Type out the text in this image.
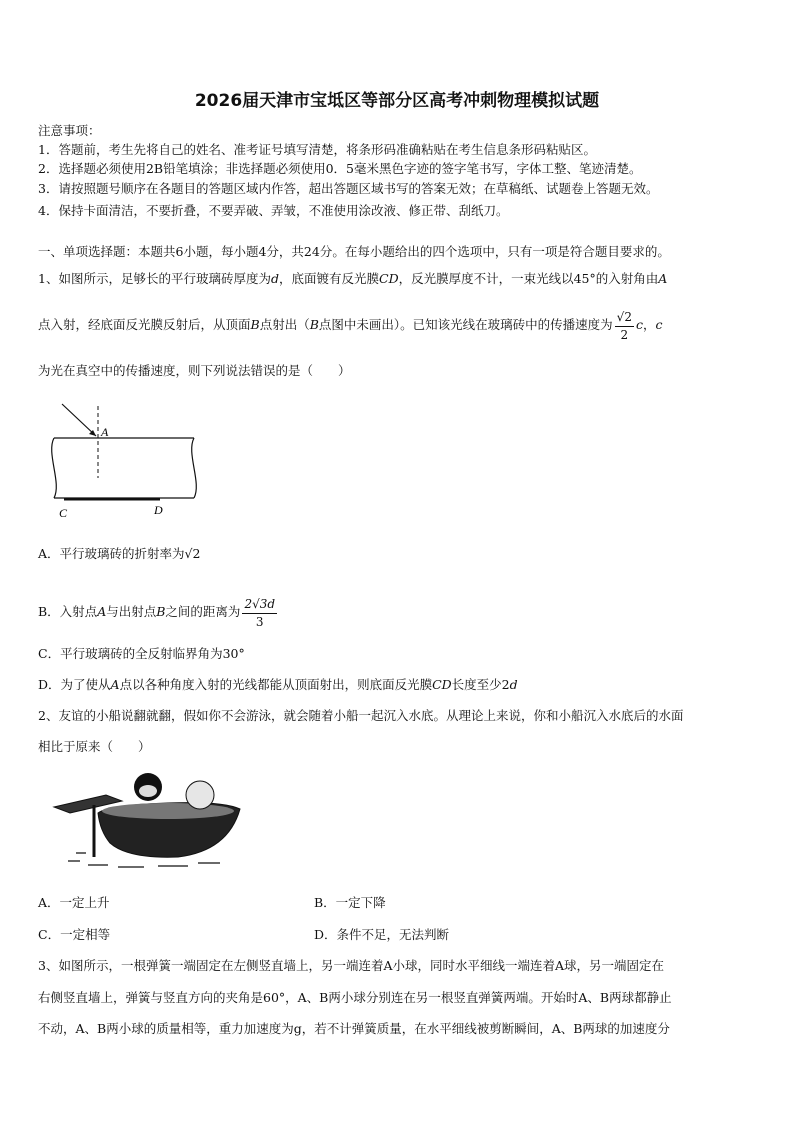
2026届天津市宝坻区等部分区高考冲刺物理模拟试题
注意事项：
1．答题前，考生先将自己的姓名、准考证号填写清楚，将条形码准确粘贴在考生信息条形码粘贴区。
2．选择题必须使用2B铅笔填涂；非选择题必须使用0．5毫米黑色字迹的签字笔书写，字体工整、笔迹清楚。
3．请按照题号顺序在各题目的答题区域内作答，超出答题区域书写的答案无效；在草稿纸、试题卷上答题无效。
4．保持卡面清洁，不要折叠，不要弄破、弄皱，不准使用涂改液、修正带、刮纸刀。
一、单项选择题：本题共6小题，每小题4分，共24分。在每小题给出的四个选项中，只有一项是符合题目要求的。
1、如图所示，足够长的平行玻璃砖厚度为d，底面镀有反光膜CD，反光膜厚度不计，一束光线以45°的入射角由A
点入射，经底面反光膜反射后，从顶面B点射出（B点图中未画出）。已知该光线在玻璃砖中的传播速度为 $\frac{√2}{2}$ c，c
为光在真空中的传播速度，则下列说法错误的是（　　）
A
C	D
A．平行玻璃砖的折射率为√2
B．入射点A与出射点B之间的距离为 $\frac{2√3d}{3}$
C．平行玻璃砖的全反射临界角为30°
D．为了使从A点以各种角度入射的光线都能从顶面射出，则底面反光膜CD长度至少2d
2、友谊的小船说翻就翻，假如你不会游泳，就会随着小船一起沉入水底。从理论上来说，你和小船沉入水底后的水面
相比于原来（　　）
A．一定上升	B．一定下降
C．一定相等	D．条件不足，无法判断
3、如图所示，一根弹簧一端固定在左侧竖直墙上，另一端连着A小球，同时水平细线一端连着A球，另一端固定在
右侧竖直墙上，弹簧与竖直方向的夹角是60°，A、B两小球分别连在另一根竖直弹簧两端。开始时A、B两球都静止
不动，A、B两小球的质量相等，重力加速度为g，若不计弹簧质量，在水平细线被剪断瞬间，A、B两球的加速度分
